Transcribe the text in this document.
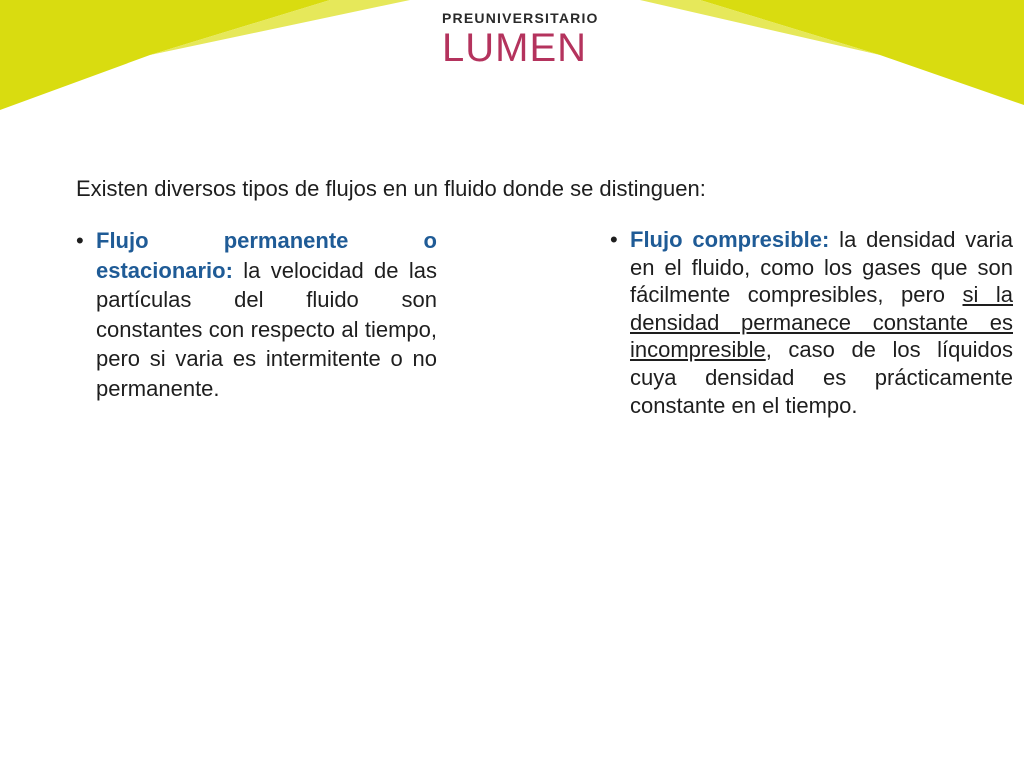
PREUNIVERSITARIO
LUMEN
Existen diversos tipos de flujos en un fluido donde se distinguen:
• Flujo permanente o estacionario: la velocidad de las partículas del fluido son constantes con respecto al tiempo, pero si varia es intermitente o no permanente.
• Flujo compresible: la densidad varia en el fluido, como los gases que son fácilmente compresibles, pero si la densidad permanece constante es incompresible, caso de los líquidos cuya densidad es prácticamente constante en el tiempo.
